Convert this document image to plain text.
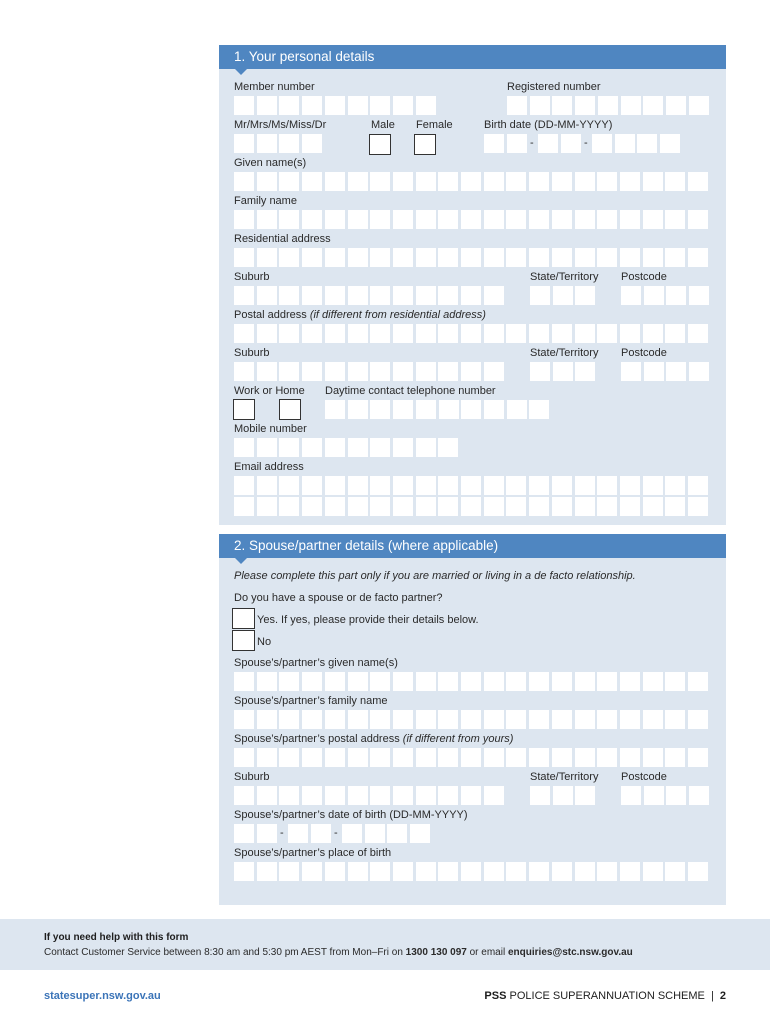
1. Your personal details
Member number	Registered number
Mr/Mrs/Ms/Miss/Dr	Male Female	Birth date (DD-MM-YYYY)
-	-
Given name(s)
Family name
Residential address
Suburb	State/Territory Postcode
Postal address (if different from residential address)
Suburb	State/Territory Postcode
Work or Home Daytime contact telephone number
Mobile number
Email address
2. Spouse/partner details (where applicable)
Please complete this part only if you are married or living in a de facto relationship.
Do you have a spouse or de facto partner?
Yes. If yes, please provide their details below.
No
Spouse’s/partner’s given name(s)
Spouse’s/partner’s family name
Spouse’s/partner’s postal address (if different from yours)
Suburb	State/Territory Postcode
Spouse’s/partner’s date of birth (DD-MM-YYYY)
-	-
Spouse’s/partner’s place of birth
If you need help with this form
Contact Customer Service between 8:30 am and 5:30 pm AEST from Mon–Fri on 1300 130 097 or email enquiries@stc.nsw.gov.au
statesuper.nsw.gov.au	PSS POLICE SUPERANNUATION SCHEME | 2
